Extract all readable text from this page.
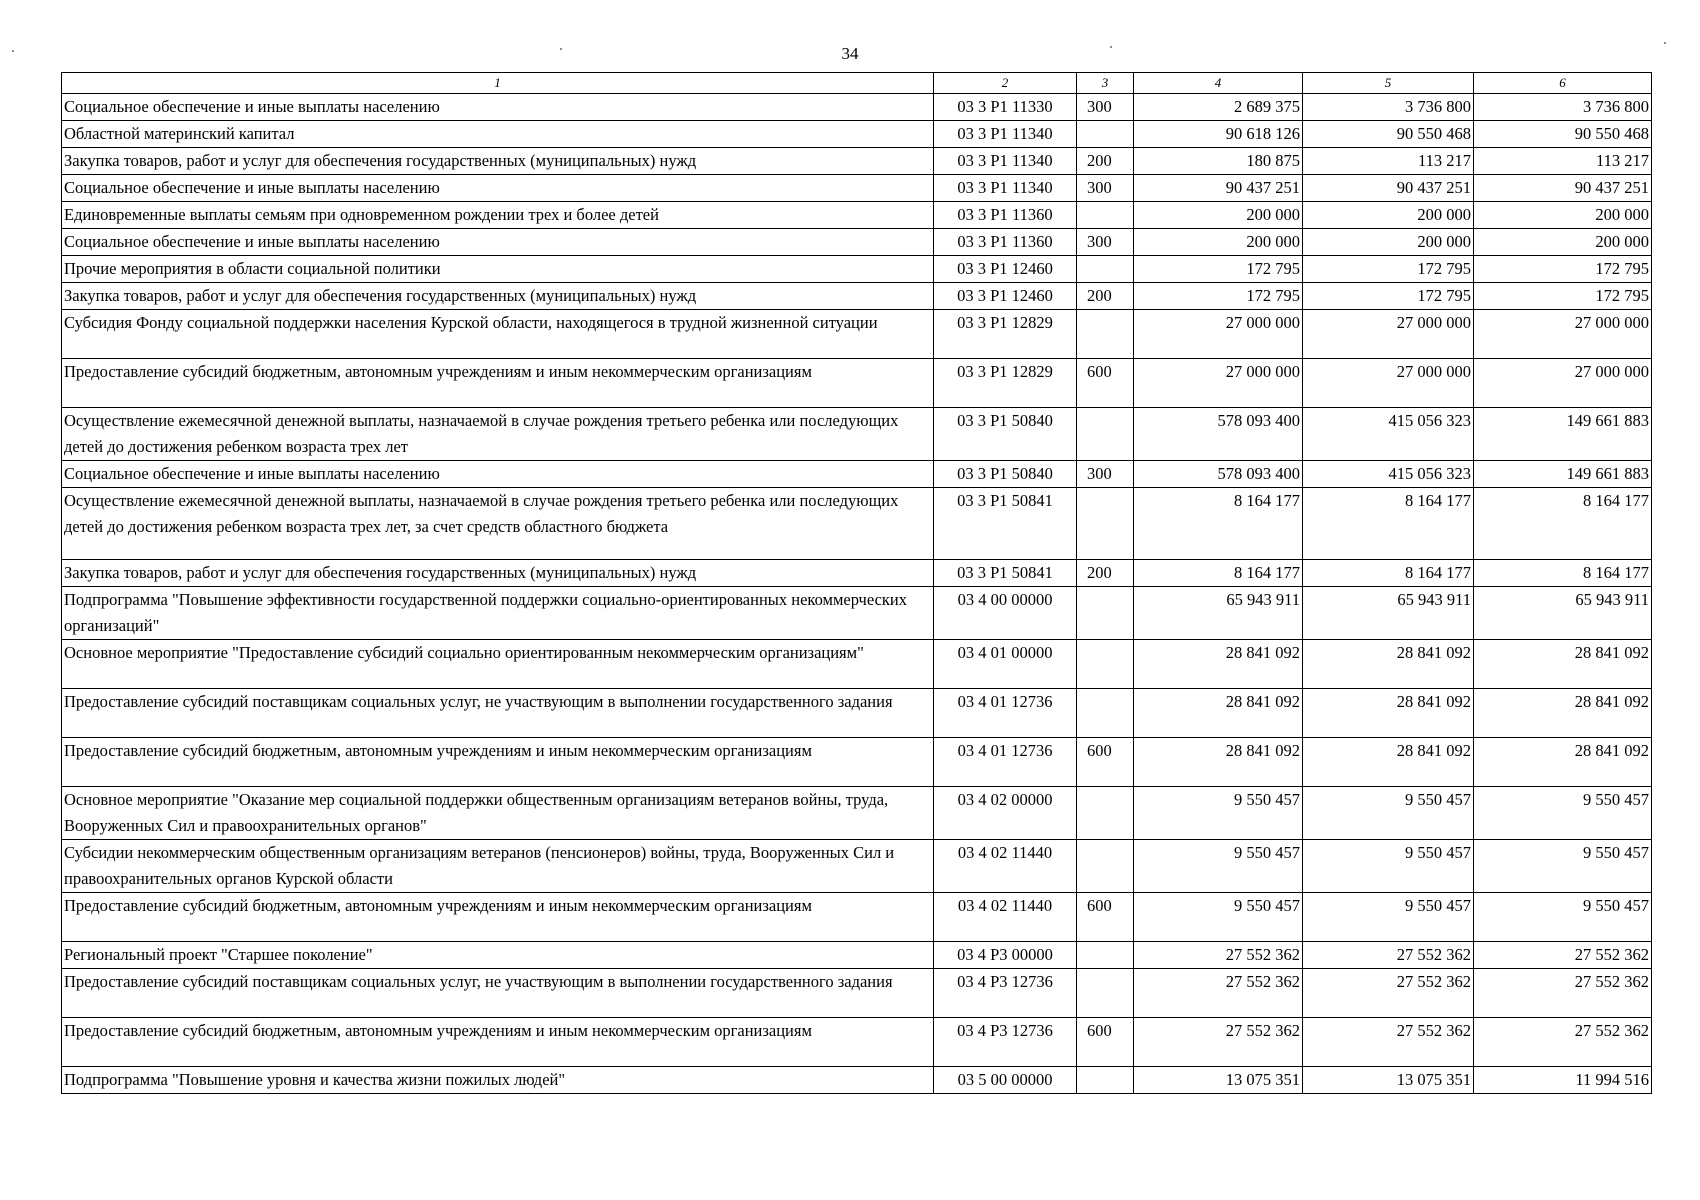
34
1	2	3	4	5	6
Социальное обеспечение и иные выплаты населению	03 3 P1 11330	300	2 689 375	3 736 800	3 736 800
Областной материнский капитал	03 3 P1 11340		90 618 126	90 550 468	90 550 468
Закупка товаров, работ и услуг для обеспечения государственных (муниципальных) нужд	03 3 P1 11340	200	180 875	113 217	113 217
Социальное обеспечение и иные выплаты населению	03 3 P1 11340	300	90 437 251	90 437 251	90 437 251
Единовременные выплаты семьям при одновременном рождении трех и более детей	03 3 P1 11360		200 000	200 000	200 000
Социальное обеспечение и иные выплаты населению	03 3 P1 11360	300	200 000	200 000	200 000
Прочие мероприятия в области социальной политики	03 3 P1 12460		172 795	172 795	172 795
Закупка товаров, работ и услуг для обеспечения государственных (муниципальных) нужд	03 3 P1 12460	200	172 795	172 795	172 795
Субсидия Фонду социальной поддержки населения Курской области, находящегося в трудной жизненной ситуации	03 3 P1 12829		27 000 000	27 000 000	27 000 000
Предоставление субсидий бюджетным, автономным учреждениям и иным некоммерческим организациям	03 3 P1 12829	600	27 000 000	27 000 000	27 000 000
Осуществление ежемесячной денежной выплаты, назначаемой в случае рождения третьего ребенка или последующих детей до достижения ребенком возраста трех лет	03 3 P1 50840		578 093 400	415 056 323	149 661 883
Социальное обеспечение и иные выплаты населению	03 3 P1 50840	300	578 093 400	415 056 323	149 661 883
Осуществление ежемесячной денежной выплаты, назначаемой в случае рождения третьего ребенка или последующих детей до достижения ребенком возраста трех лет, за счет средств областного бюджета	03 3 P1 50841		8 164 177	8 164 177	8 164 177
Закупка товаров, работ и услуг для обеспечения государственных (муниципальных) нужд	03 3 P1 50841	200	8 164 177	8 164 177	8 164 177
Подпрограмма "Повышение эффективности государственной поддержки социально-ориентированных некоммерческих организаций"	03 4 00 00000		65 943 911	65 943 911	65 943 911
Основное мероприятие "Предоставление субсидий социально ориентированным некоммерческим организациям"	03 4 01 00000		28 841 092	28 841 092	28 841 092
Предоставление субсидий поставщикам социальных услуг, не участвующим в выполнении государственного задания	03 4 01 12736		28 841 092	28 841 092	28 841 092
Предоставление субсидий бюджетным, автономным учреждениям и иным некоммерческим организациям	03 4 01 12736	600	28 841 092	28 841 092	28 841 092
Основное мероприятие "Оказание мер социальной поддержки общественным организациям ветеранов войны, труда, Вооруженных Сил и правоохранительных органов"	03 4 02 00000		9 550 457	9 550 457	9 550 457
Субсидии некоммерческим общественным организациям ветеранов (пенсионеров) войны, труда, Вооруженных Сил и правоохранительных органов Курской области	03 4 02 11440		9 550 457	9 550 457	9 550 457
Предоставление субсидий бюджетным, автономным учреждениям и иным некоммерческим организациям	03 4 02 11440	600	9 550 457	9 550 457	9 550 457
Региональный проект "Старшее поколение"	03 4 P3 00000		27 552 362	27 552 362	27 552 362
Предоставление субсидий поставщикам социальных услуг, не участвующим в выполнении государственного задания	03 4 P3 12736		27 552 362	27 552 362	27 552 362
Предоставление субсидий бюджетным, автономным учреждениям и иным некоммерческим организациям	03 4 P3 12736	600	27 552 362	27 552 362	27 552 362
Подпрограмма "Повышение уровня и качества жизни пожилых людей"	03 5 00 00000		13 075 351	13 075 351	11 994 516
